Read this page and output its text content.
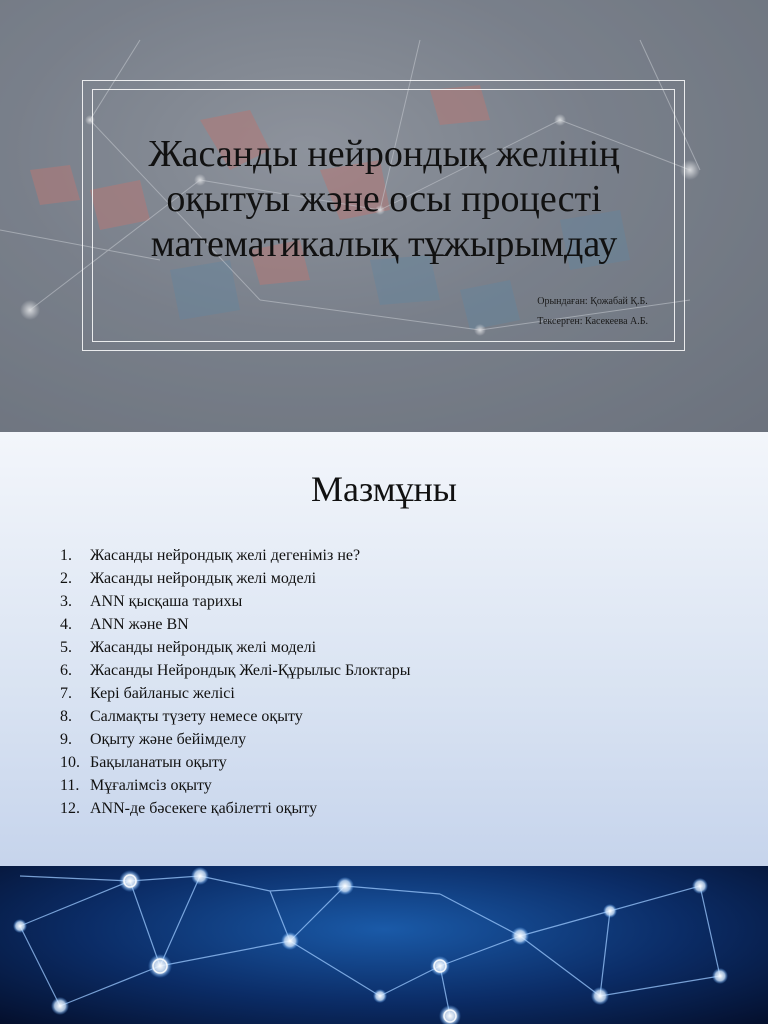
Жасанды нейрондық желінің
оқытуы және осы процесті
математикалық тұжырымдау
Орындаған: Қожабай Қ.Б.
Тексерген: Касекеева А.Б.
Мазмұны
1.	Жасанды нейрондық желі дегеніміз не?
2.	Жасанды нейрондық желі моделі
3.	ANN қысқаша тарихы
4.	ANN және BN
5.	Жасанды нейрондық желі моделі
6.	Жасанды Нейрондық Желі-Құрылыс Блоктары
7.	Кері байланыс желісі
8.	Салмақты түзету немесе оқыту
9.	Оқыту және бейімделу
10. Бақыланатын оқыту
11. Мұғалімсіз оқыту
12. ANN-де бәсекеге қабілетті оқыту
